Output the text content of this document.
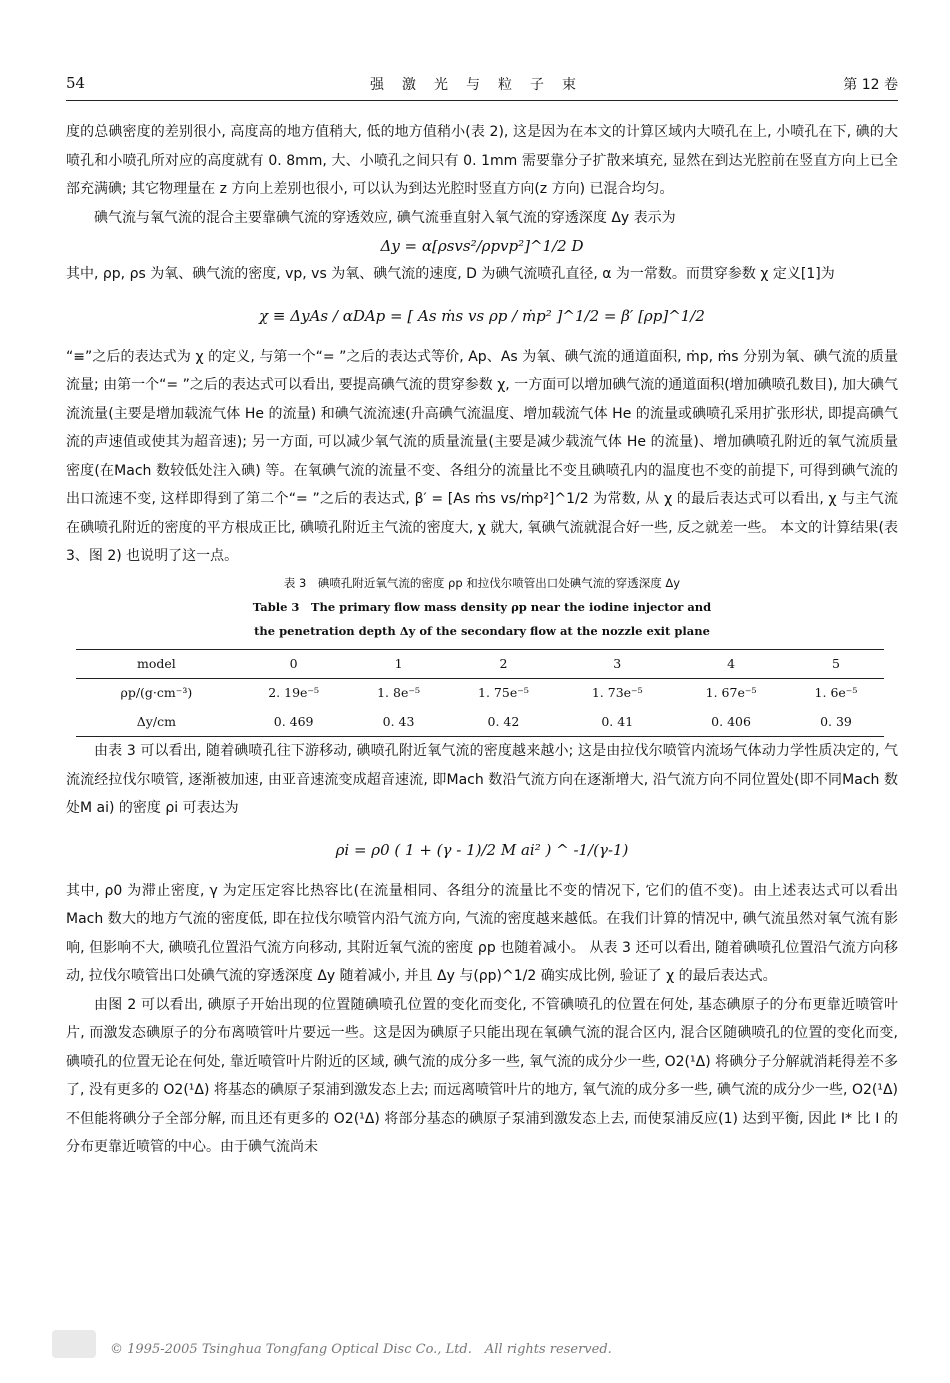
54	强激光与粒子束	第 12 卷

度的总碘密度的差别很小, 高度高的地方值稍大, 低的地方值稍小(表 2), 这是因为在本文的计算区域内大喷孔在上, 小喷孔在下, 碘的大喷孔和小喷孔所对应的高度就有 0. 8mm, 大、小喷孔之间只有 0. 1mm 需要靠分子扩散来填充, 显然在到达光腔前在竖直方向上已全部充满碘; 其它物理量在 z 方向上差别也很小, 可以认为到达光腔时竖直方向(z 方向) 已混合均匀。

碘气流与氧气流的混合主要靠碘气流的穿透效应, 碘气流垂直射入氧气流的穿透深度 Δy 表示为

Δy = α[ρsvs²/ρpvp²]^1/2 D

其中, ρp, ρs 为氧、碘气流的密度, vp, vs 为氧、碘气流的速度, D 为碘气流喷孔直径, α 为一常数。而贯穿参数 χ 定义[1]为

χ ≡ ΔyAs / αDAp = [ As ṁs vs ρp / ṁp² ]^1/2 = β′ [ρp]^1/2

“≡”之后的表达式为 χ 的定义, 与第一个“= ”之后的表达式等价, Ap、As 为氧、碘气流的通道面积, ṁp, ṁs 分别为氧、碘气流的质量流量; 由第一个“= ”之后的表达式可以看出, 要提高碘气流的贯穿参数 χ, 一方面可以增加碘气流的通道面积(增加碘喷孔数目), 加大碘气流流量(主要是增加载流气体 He 的流量) 和碘气流流速(升高碘气流温度、增加载流气体 He 的流量或碘喷孔采用扩张形状, 即提高碘气流的声速值或使其为超音速); 另一方面, 可以减少氧气流的质量流量(主要是减少载流气体 He 的流量)、增加碘喷孔附近的氧气流质量密度(在Mach 数较低处注入碘) 等。在氧碘气流的流量不变、各组分的流量比不变且碘喷孔内的温度也不变的前提下, 可得到碘气流的出口流速不变, 这样即得到了第二个“= ”之后的表达式, β′ = [As ṁs vs/ṁp²]^1/2 为常数, 从 χ 的最后表达式可以看出, χ 与主气流在碘喷孔附近的密度的平方根成正比, 碘喷孔附近主气流的密度大, χ 就大, 氧碘气流就混合好一些, 反之就差一些。 本文的计算结果(表 3、图 2) 也说明了这一点。

表 3　碘喷孔附近氧气流的密度 ρp 和拉伐尔喷管出口处碘气流的穿透深度 Δy
Table 3　The primary flow mass density ρp near the iodine injector and
the penetration depth Δy of the secondary flow at the nozzle exit plane
model	0	1	2	3	4	5
ρp/(g·cm⁻³)	2. 19e⁻⁵	1. 8e⁻⁵	1. 75e⁻⁵	1. 73e⁻⁵	1. 67e⁻⁵	1. 6e⁻⁵
Δy/cm	0. 469	0. 43	0. 42	0. 41	0. 406	0. 39

由表 3 可以看出, 随着碘喷孔往下游移动, 碘喷孔附近氧气流的密度越来越小; 这是由拉伐尔喷管内流场气体动力学性质决定的, 气流流经拉伐尔喷管, 逐渐被加速, 由亚音速流变成超音速流, 即Mach 数沿气流方向在逐渐增大, 沿气流方向不同位置处(即不同Mach 数处M ai) 的密度 ρi 可表达为

ρi = ρ0 ( 1 + (γ - 1)/2 M ai² ) ^ -1/(γ-1)

其中, ρ0 为滞止密度, γ 为定压定容比热容比(在流量相同、各组分的流量比不变的情况下, 它们的值不变)。由上述表达式可以看出Mach 数大的地方气流的密度低, 即在拉伐尔喷管内沿气流方向, 气流的密度越来越低。在我们计算的情况中, 碘气流虽然对氧气流有影响, 但影响不大, 碘喷孔位置沿气流方向移动, 其附近氧气流的密度 ρp 也随着减小。 从表 3 还可以看出, 随着碘喷孔位置沿气流方向移动, 拉伐尔喷管出口处碘气流的穿透深度 Δy 随着减小, 并且 Δy 与(ρp)^1/2 确实成比例, 验证了 χ 的最后表达式。

由图 2 可以看出, 碘原子开始出现的位置随碘喷孔位置的变化而变化, 不管碘喷孔的位置在何处, 基态碘原子的分布更靠近喷管叶片, 而激发态碘原子的分布离喷管叶片要远一些。这是因为碘原子只能出现在氧碘气流的混合区内, 混合区随碘喷孔的位置的变化而变, 碘喷孔的位置无论在何处, 靠近喷管叶片附近的区域, 碘气流的成分多一些, 氧气流的成分少一些, O2(¹Δ) 将碘分子分解就消耗得差不多了, 没有更多的 O2(¹Δ) 将基态的碘原子泵浦到激发态上去; 而远离喷管叶片的地方, 氧气流的成分多一些, 碘气流的成分少一些, O2(¹Δ) 不但能将碘分子全部分解, 而且还有更多的 O2(¹Δ) 将部分基态的碘原子泵浦到激发态上去, 而使泵浦反应(1) 达到平衡, 因此 I* 比 I 的分布更靠近喷管的中心。由于碘气流尚未

© 1995-2005 Tsinghua Tongfang Optical Disc Co., Ltd.　All rights reserved.
